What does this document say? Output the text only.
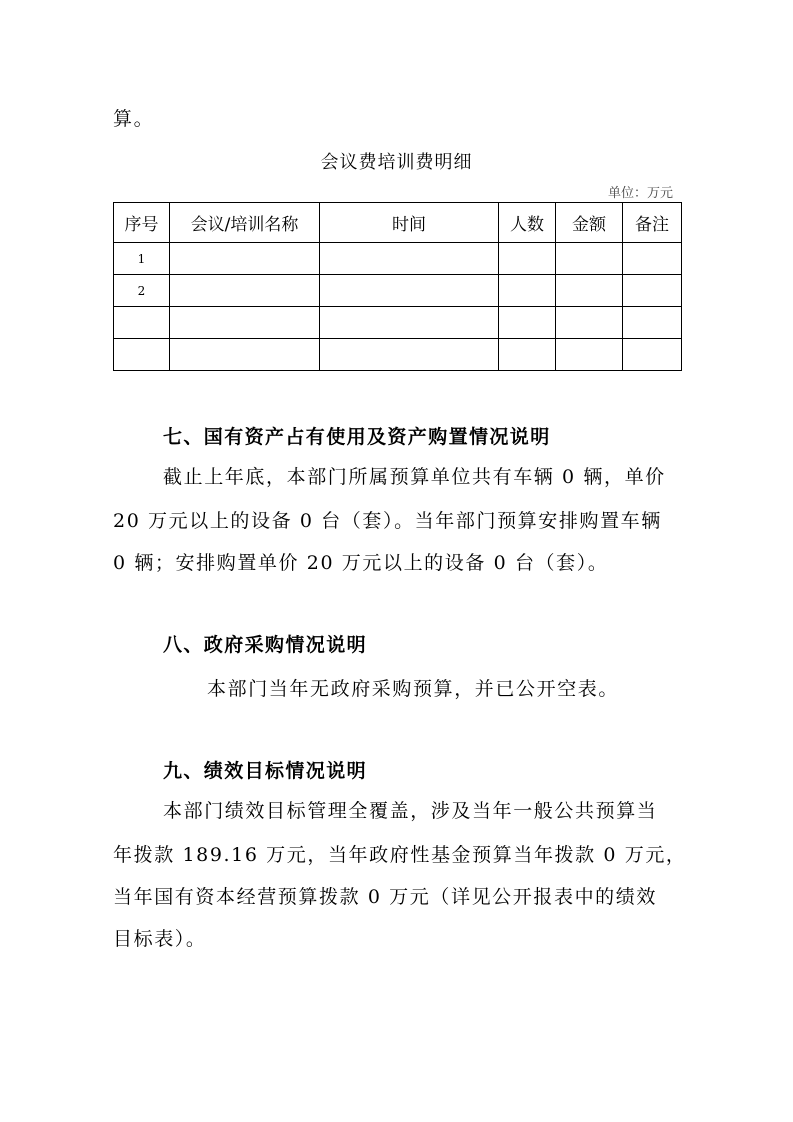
算。
会议费培训费明细
单位：万元
序号	会议/培训名称	时间	人数	金额	备注
1					
2					

七、国有资产占有使用及资产购置情况说明
截止上年底，本部门所属预算单位共有车辆 0 辆，单价
20 万元以上的设备 0 台（套）。当年部门预算安排购置车辆
0 辆；安排购置单价 20 万元以上的设备 0 台（套）。
八、政府采购情况说明
本部门当年无政府采购预算，并已公开空表。
九、绩效目标情况说明
本部门绩效目标管理全覆盖，涉及当年一般公共预算当
年拨款 189.16 万元，当年政府性基金预算当年拨款 0 万元，
当年国有资本经营预算拨款 0 万元（详见公开报表中的绩效
目标表）。
